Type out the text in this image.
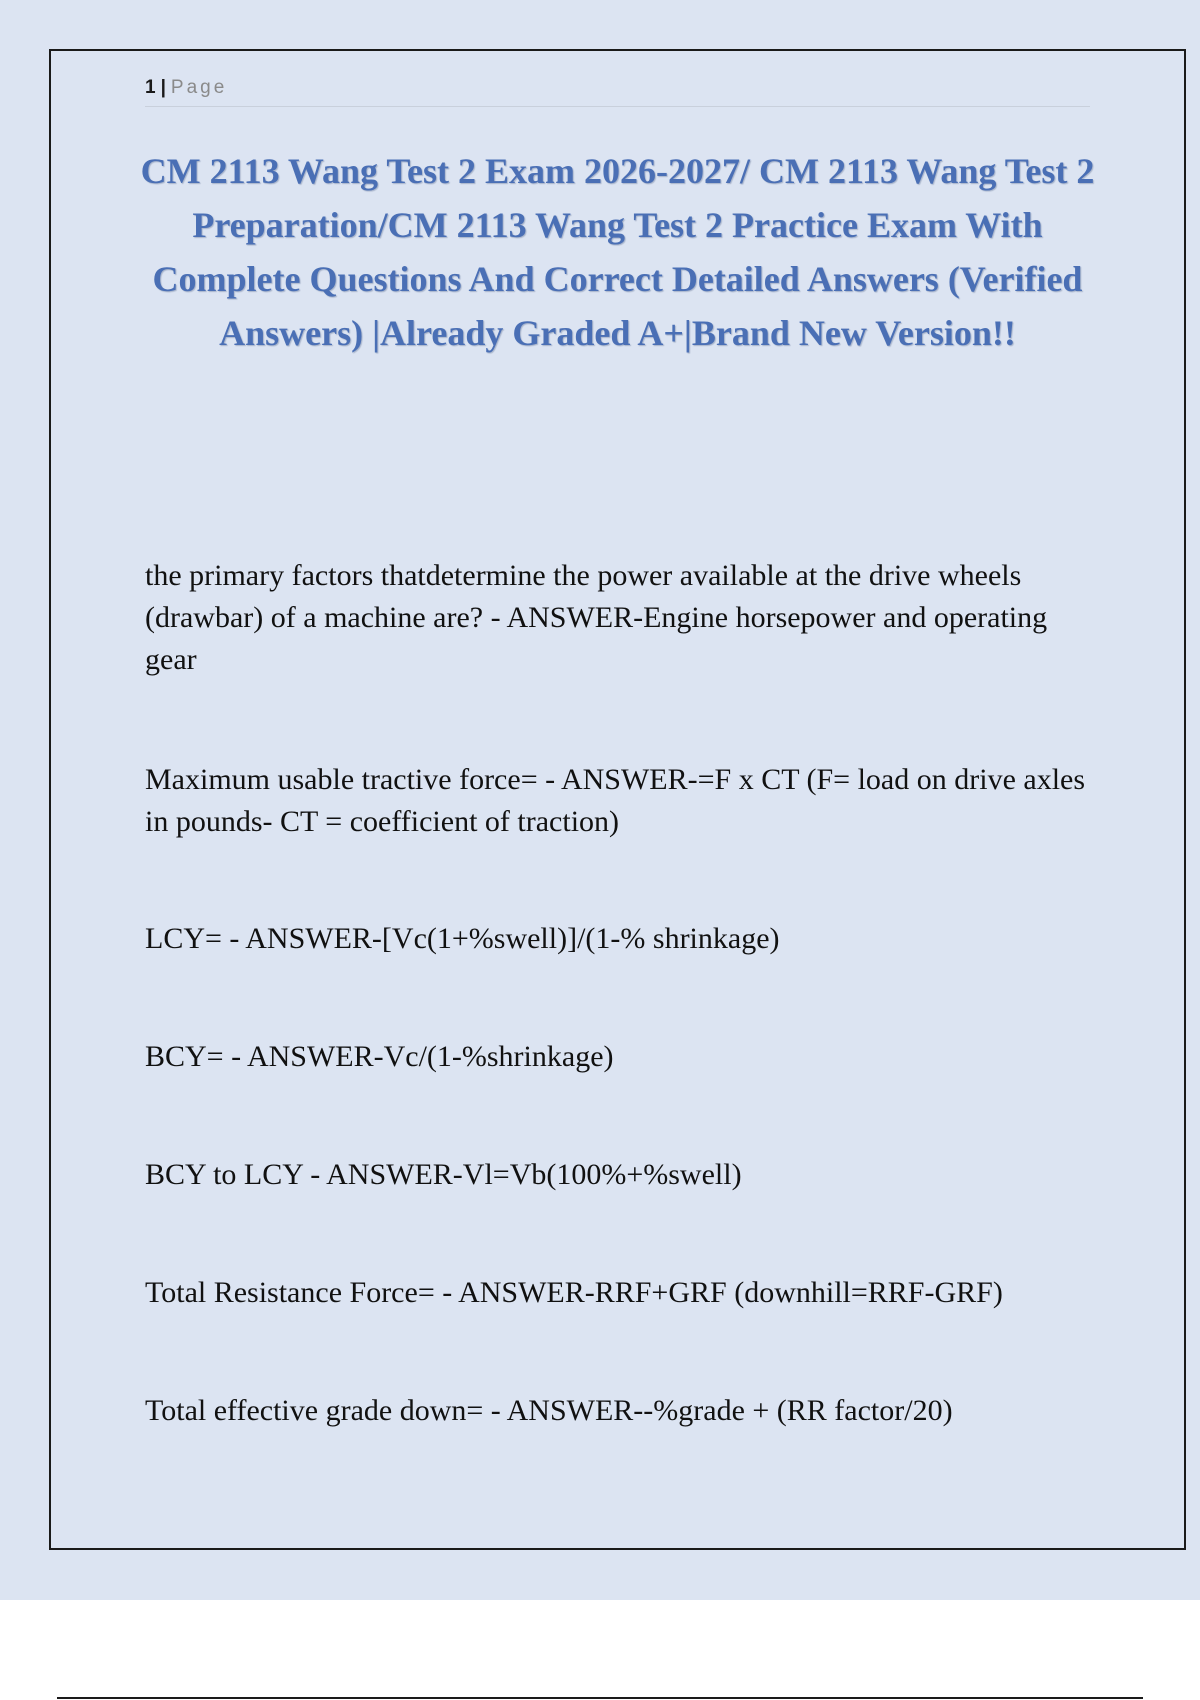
1 | Page
CM 2113 Wang Test 2 Exam 2026-2027/ CM 2113 Wang Test 2 Preparation/CM 2113 Wang Test 2 Practice Exam With Complete Questions And Correct Detailed Answers (Verified Answers) |Already Graded A+|Brand New Version!!

the primary factors thatdetermine the power available at the drive wheels (drawbar) of a machine are? - ANSWER-Engine horsepower and operating gear

Maximum usable tractive force= - ANSWER-=F x CT (F= load on drive axles in pounds- CT = coefficient of traction)

LCY= - ANSWER-[Vc(1+%swell)]/(1-% shrinkage)

BCY= - ANSWER-Vc/(1-%shrinkage)

BCY to LCY - ANSWER-Vl=Vb(100%+%swell)

Total Resistance Force= - ANSWER-RRF+GRF (downhill=RRF-GRF)

Total effective grade down= - ANSWER--%grade + (RR factor/20)
